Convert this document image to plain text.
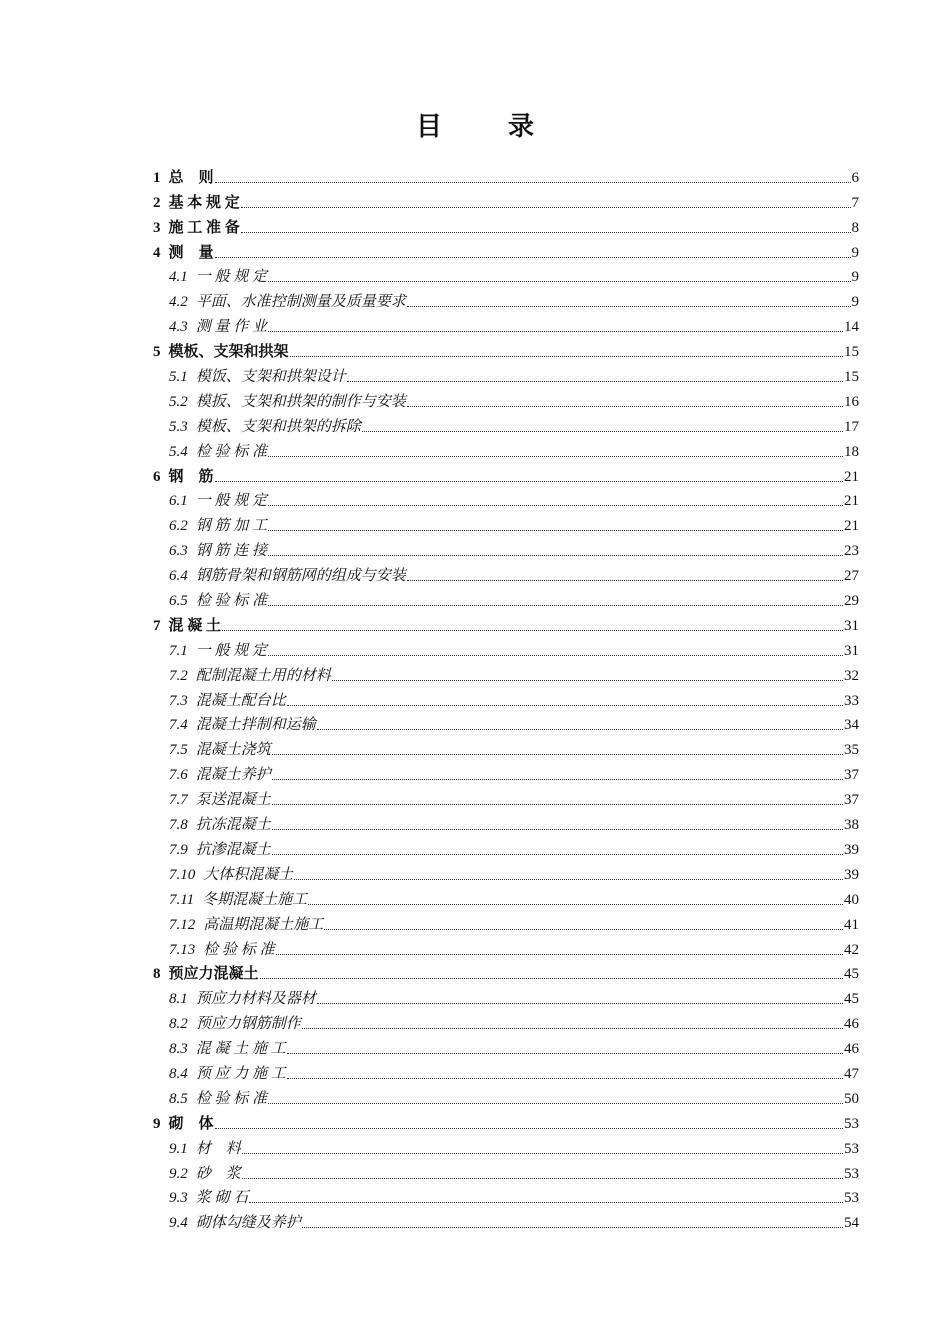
目　录
1 总　则	6
2 基 本 规 定	7
3 施 工 准 备	8
4 测　量	9
4.1 一 般 规 定	9
4.2 平面、水准控制测量及质量要求	9
4.3 测 量 作 业	14
5 模板、支架和拱架	15
5.1 模饭、支架和拱架设计	15
5.2 模扳、支架和拱架的制作与安装	16
5.3 模板、支架和拱架的拆除	17
5.4 检 验 标 准	18
6 钢　筋	21
6.1 一 般 规 定	21
6.2 钢 筋 加 工	21
6.3 钢 筋 连 接	23
6.4 钢筋骨架和钢筋网的组成与安装	27
6.5 检 验 标 准	29
7 混 凝 土	31
7.1 一 般 规 定	31
7.2 配制混凝土用的材料	32
7.3 混凝土配台比	33
7.4 混凝土拌制和运输	34
7.5 混凝土浇筑	35
7.6 混凝土养护	37
7.7 泵送混凝土	37
7.8 抗冻混凝土	38
7.9 抗渗混凝土	39
7.10 大体积混凝土	39
7.11 冬期混凝土施工	40
7.12 高温期混凝土施工	41
7.13 检 验 标 准	42
8 预应力混凝土	45
8.1 预应力材料及器材	45
8.2 预应力钢筋制作	46
8.3 混 凝 土 施 工	46
8.4 预 应 力 施 工	47
8.5 检 验 标 准	50
9 砌　体	53
9.1 材　料	53
9.2 砂　浆	53
9.3 浆 砌 石	53
9.4 砌体勾缝及养护	54
